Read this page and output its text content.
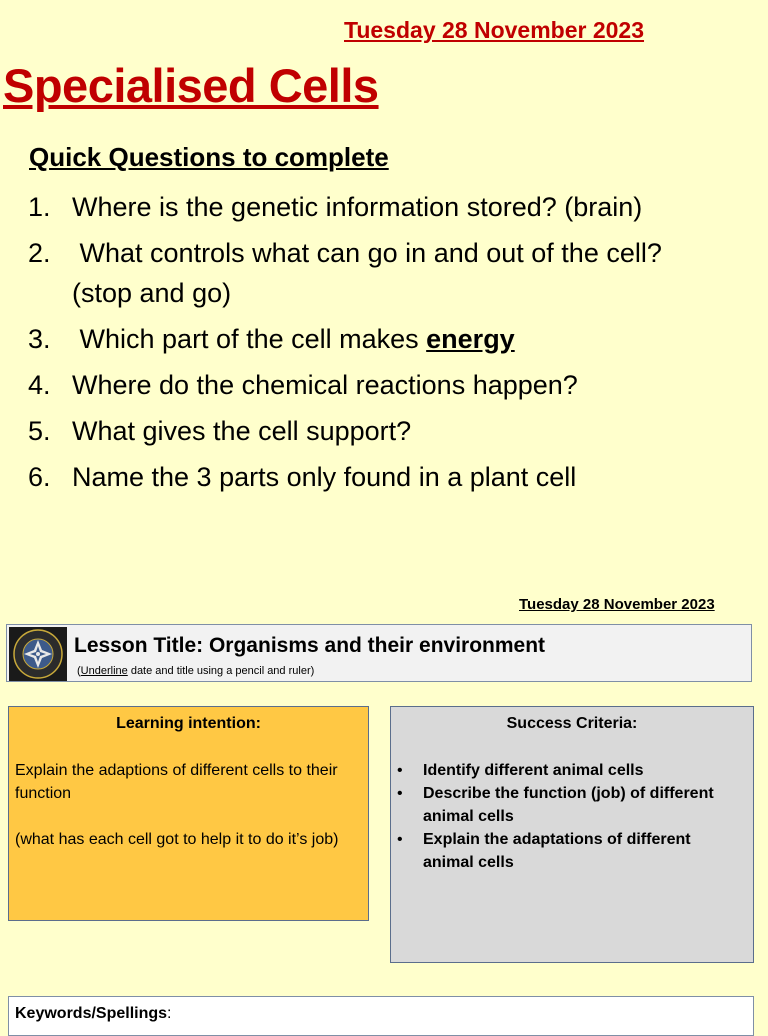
Tuesday 28 November 2023
Specialised Cells
Quick Questions to complete
1. Where is the genetic information stored? (brain)
2. What controls what can go in and out of the cell? (stop and go)
3. Which part of the cell makes energy
4. Where do the chemical reactions happen?
5. What gives the cell support?
6. Name the 3 parts only found in a plant cell
Tuesday 28 November 2023
Lesson Title: Organisms and their environment
(Underline date and title using a pencil and ruler)
Learning intention:
Explain the adaptions of different cells to their function
(what has each cell got to help it to do it’s job)
Success Criteria:
• Identify different animal cells
• Describe the function (job) of different animal cells
• Explain the adaptations of different animal cells
Keywords/Spellings:
